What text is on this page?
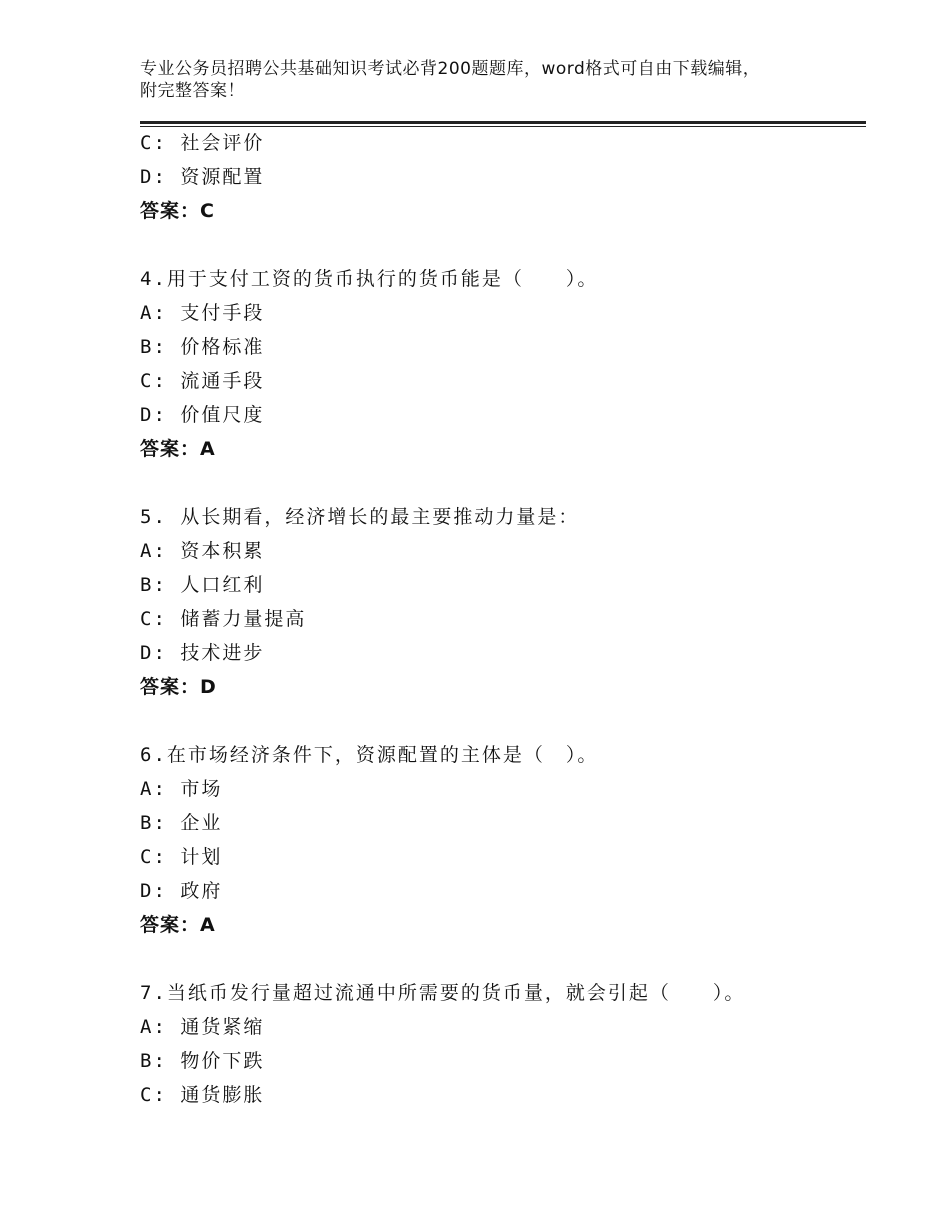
专业公务员招聘公共基础知识考试必背200题题库，word格式可自由下载编辑，
附完整答案！
C: 社会评价
D: 资源配置
答案：C
4.用于支付工资的货币执行的货币能是（　　）。
A: 支付手段
B: 价格标准
C: 流通手段
D: 价值尺度
答案：A
5. 从长期看，经济增长的最主要推动力量是：
A: 资本积累
B: 人口红利
C: 储蓄力量提高
D: 技术进步
答案：D
6.在市场经济条件下，资源配置的主体是（　）。
A: 市场
B: 企业
C: 计划
D: 政府
答案：A
7.当纸币发行量超过流通中所需要的货币量，就会引起（　　）。
A: 通货紧缩
B: 物价下跌
C: 通货膨胀
